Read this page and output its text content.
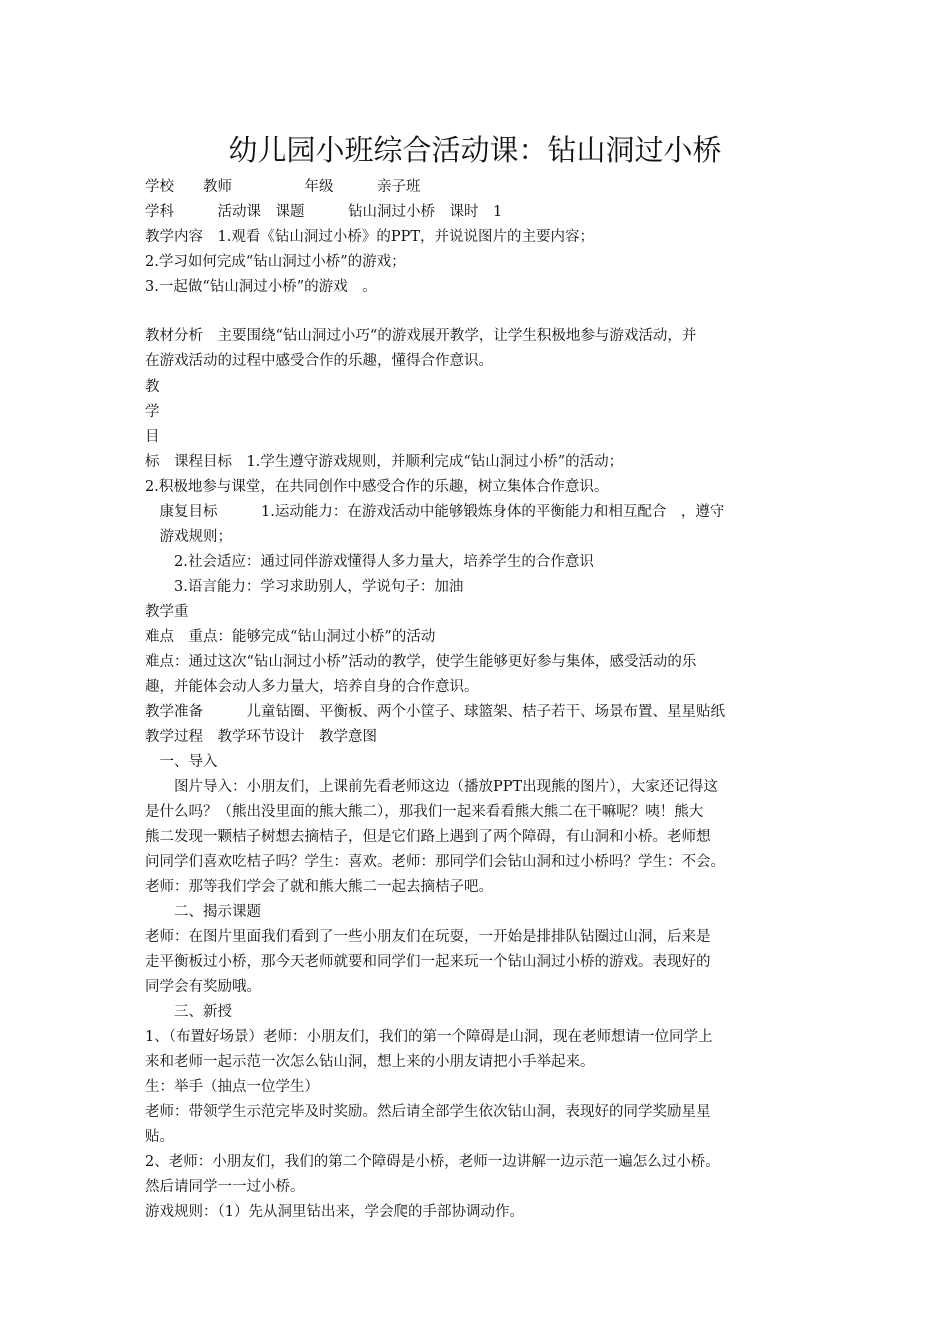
幼儿园小班综合活动课：钻山洞过小桥
学校　　教师　　　　　年级　　　亲子班
学科　　　活动课　课题　　　钻山洞过小桥　课时　1
教学内容　1.观看《钻山洞过小桥》的PPT，并说说图片的主要内容；
2.学习如何完成“钻山洞过小桥”的游戏；
3.一起做“钻山洞过小桥”的游戏　。
教材分析　主要围绕“钻山洞过小巧“的游戏展开教学，让学生积极地参与游戏活动，并
在游戏活动的过程中感受合作的乐趣，懂得合作意识。
教
学
目
标　课程目标　1.学生遵守游戏规则，并顺利完成“钻山洞过小桥”的活动；
2.积极地参与课堂，在共同创作中感受合作的乐趣，树立集体合作意识。
　康复目标　　　1.运动能力：在游戏活动中能够锻炼身体的平衡能力和相互配合　，遵守
　游戏规则；
　　2.社会适应：通过同伴游戏懂得人多力量大，培养学生的合作意识
　　3.语言能力：学习求助别人，学说句子：加油
教学重
难点　重点：能够完成“钻山洞过小桥”的活动
难点：通过这次“钻山洞过小桥”活动的教学，使学生能够更好参与集体，感受活动的乐
趣，并能体会动人多力量大，培养自身的合作意识。
教学准备　　　儿童钻圈、平衡板、两个小筐子、球篮架、桔子若干、场景布置、星星贴纸
教学过程　教学环节设计　教学意图
　一、导入
　　图片导入：小朋友们，上课前先看老师这边（播放PPT出现熊的图片），大家还记得这
是什么吗？（熊出没里面的熊大熊二），那我们一起来看看熊大熊二在干嘛呢？咦！熊大
熊二发现一颗桔子树想去摘桔子，但是它们路上遇到了两个障碍，有山洞和小桥。老师想
问同学们喜欢吃桔子吗？学生：喜欢。老师：那同学们会钻山洞和过小桥吗？学生：不会。
老师：那等我们学会了就和熊大熊二一起去摘桔子吧。
　　二、揭示课题
老师：在图片里面我们看到了一些小朋友们在玩耍，一开始是排排队钻圈过山洞，后来是
走平衡板过小桥，那今天老师就要和同学们一起来玩一个钻山洞过小桥的游戏。表现好的
同学会有奖励哦。
　　三、新授
1、（布置好场景）老师：小朋友们，我们的第一个障碍是山洞，现在老师想请一位同学上
来和老师一起示范一次怎么钻山洞，想上来的小朋友请把小手举起来。
生：举手（抽点一位学生）
老师：带领学生示范完毕及时奖励。然后请全部学生依次钻山洞，表现好的同学奖励星星
贴。
2、老师：小朋友们，我们的第二个障碍是小桥，老师一边讲解一边示范一遍怎么过小桥。
然后请同学一一过小桥。
游戏规则：（1）先从洞里钻出来，学会爬的手部协调动作。
